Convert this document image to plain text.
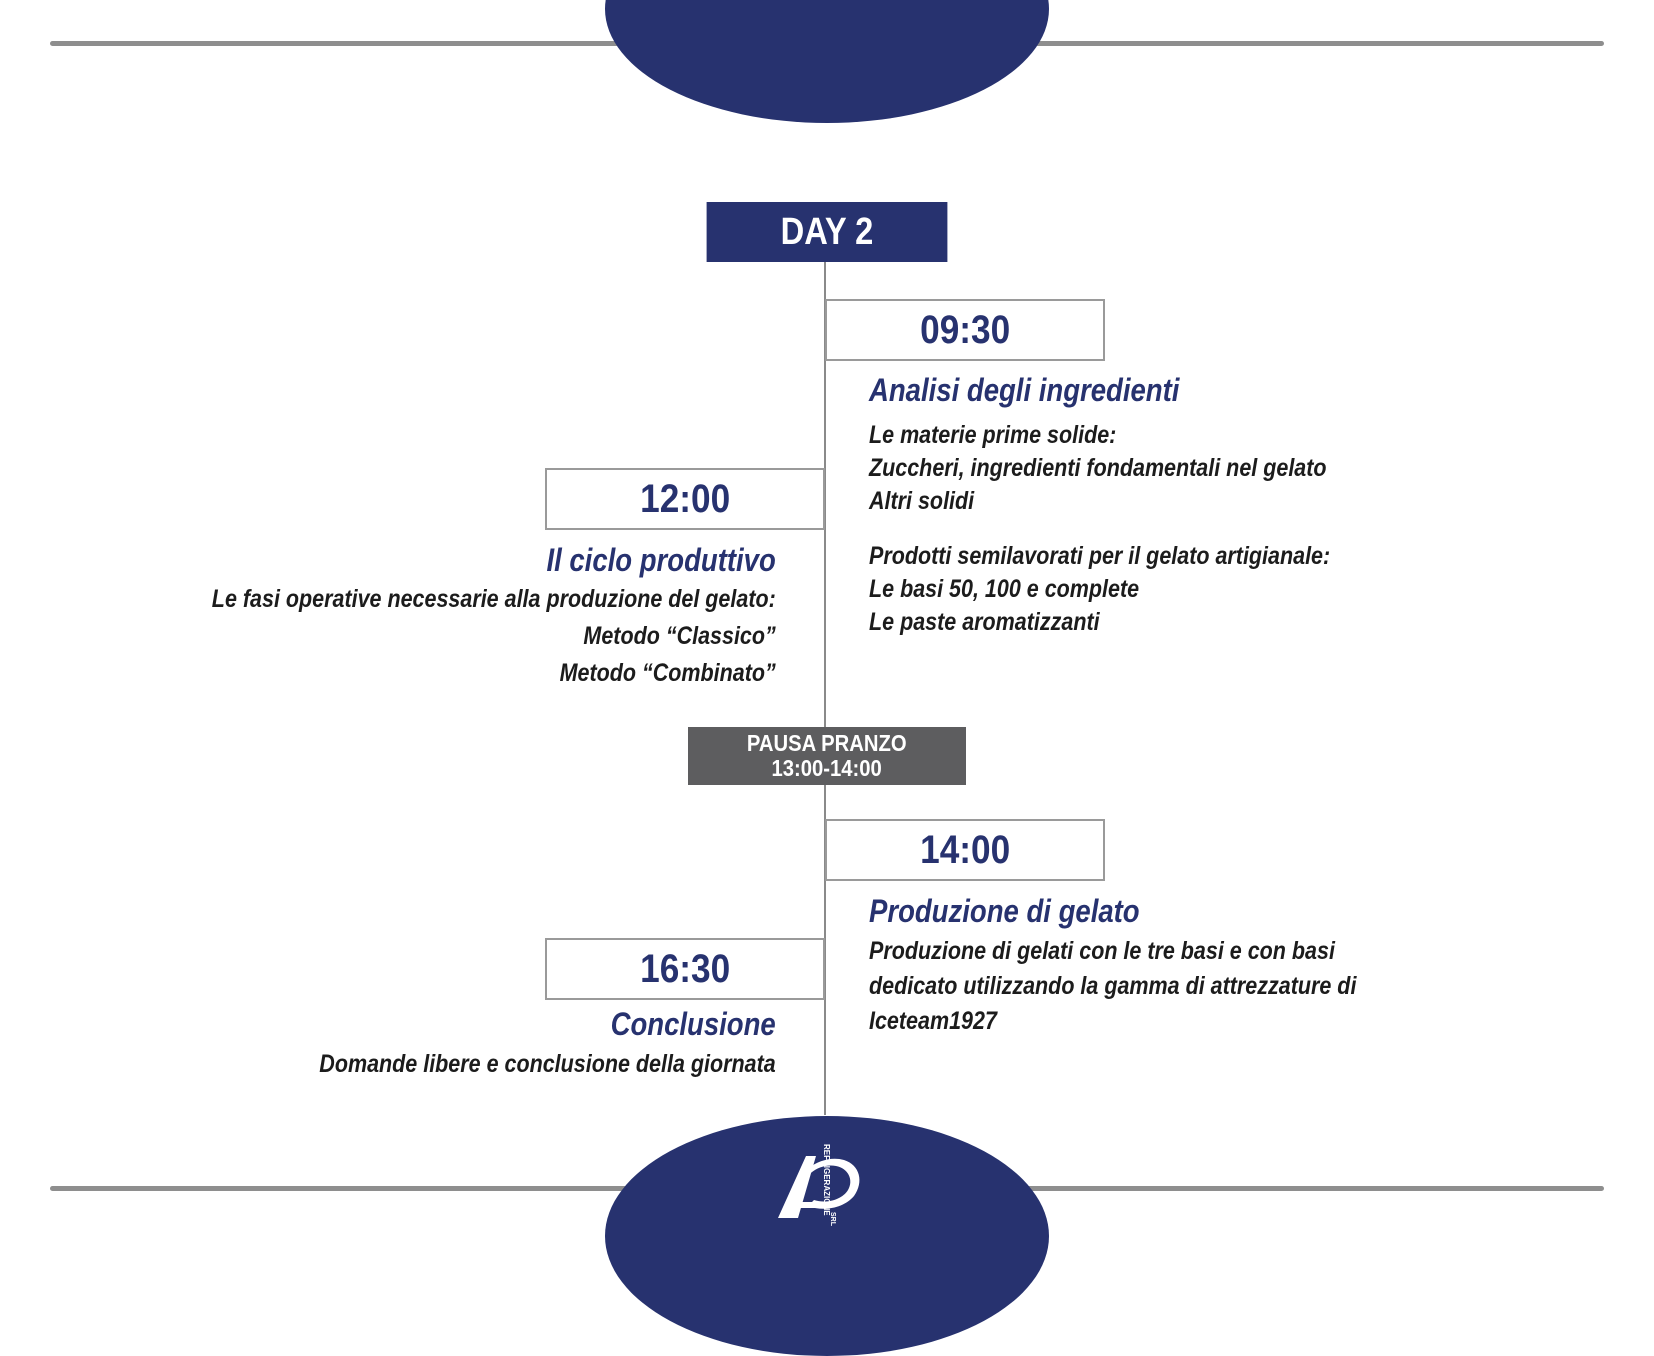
DAY 2
09:30
Analisi degli ingredienti
Le materie prime solide:
Zuccheri, ingredienti fondamentali nel gelato
Altri solidi
Prodotti semilavorati per il gelato artigianale:
Le basi 50, 100 e complete
Le paste aromatizzanti
12:00
Il ciclo produttivo
Le fasi operative necessarie alla produzione del gelato:
Metodo “Classico”
Metodo “Combinato”
PAUSA PRANZO
13:00-14:00
14:00
Produzione di gelato
Produzione di gelati con le tre basi e con basi
dedicato utilizzando la gamma di attrezzature di
Iceteam1927
16:30
Conclusione
Domande libere e conclusione della giornata
REFRIGERAZIONE
SRL
